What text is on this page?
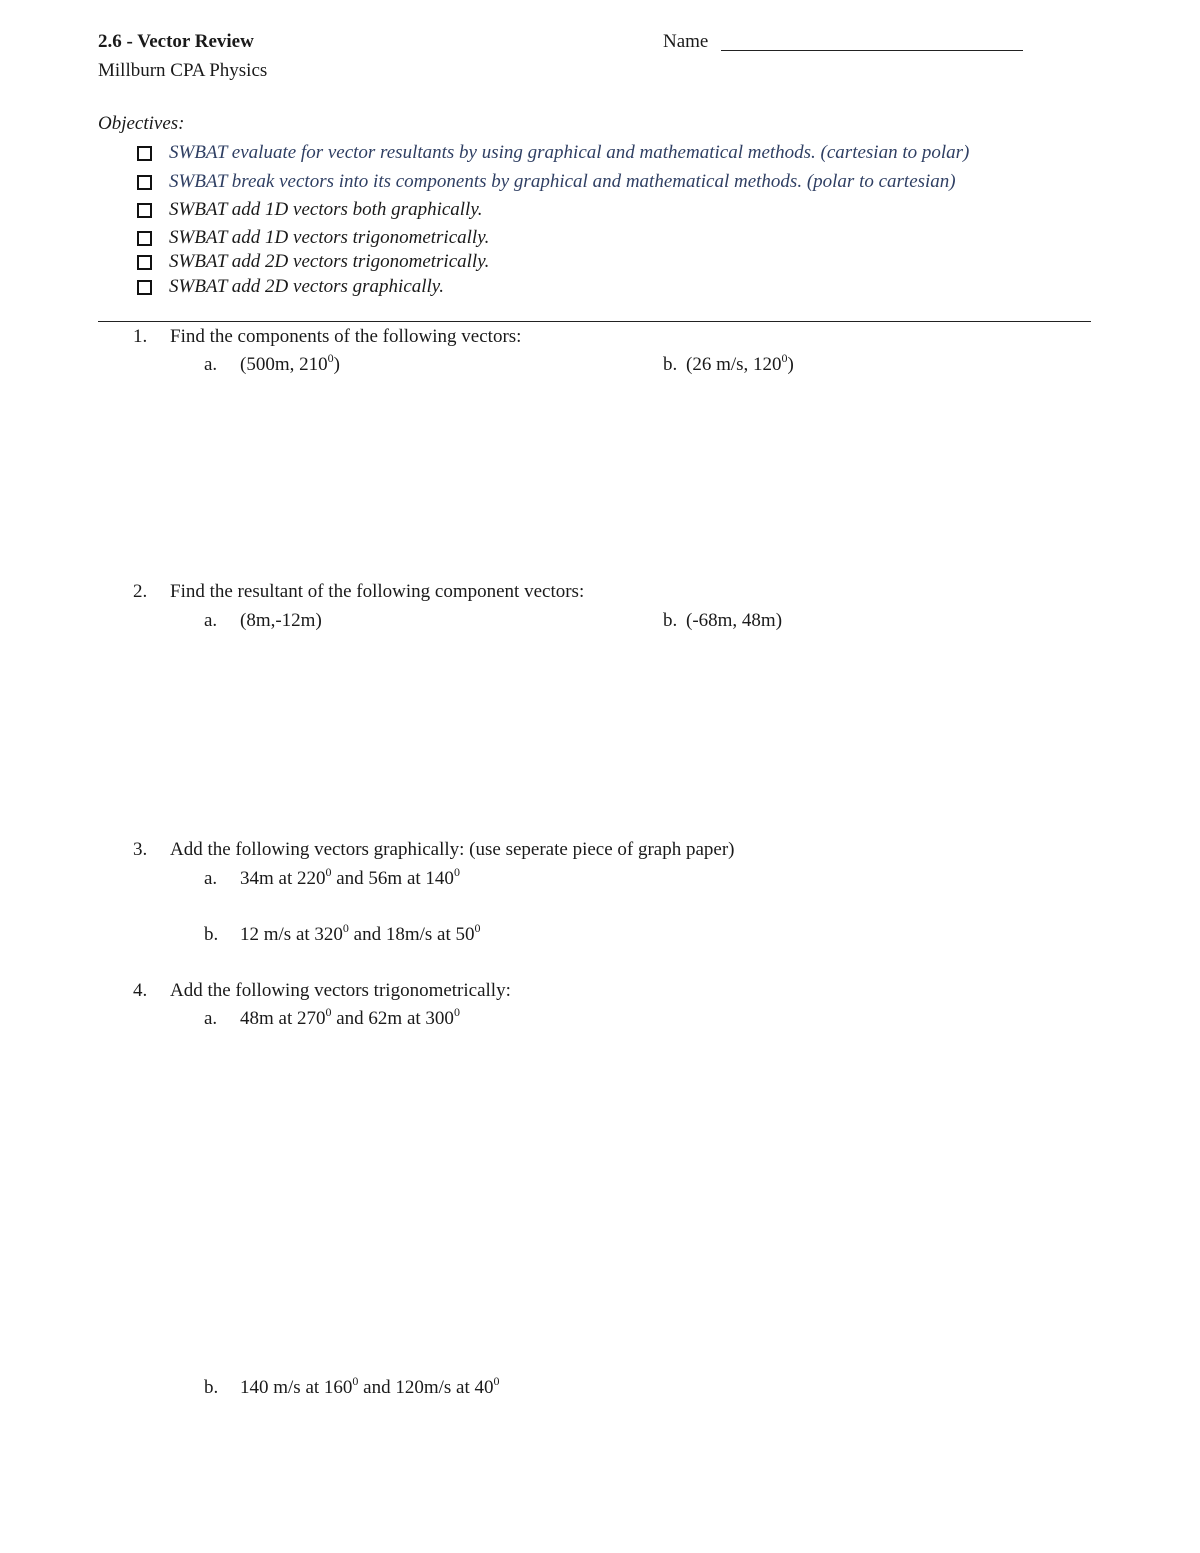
2.6 - Vector Review
Millburn CPA Physics
Name
Objectives:
SWBAT evaluate for vector resultants by using graphical and mathematical methods. (cartesian to polar)
SWBAT break vectors into its components by graphical and mathematical methods. (polar to cartesian)
SWBAT add 1D vectors both graphically.
SWBAT add 1D vectors trigonometrically.
SWBAT add 2D vectors trigonometrically.
SWBAT add 2D vectors graphically.
1. Find the components of the following vectors:
a. (500m, $210^0$)	b. (26 m/s, $120^0$)
2. Find the resultant of the following component vectors:
a. (8m,-12m)	b. (-68m, 48m)
3. Add the following vectors graphically: (use seperate piece of graph paper)
a. 34m at $220^0$ and 56m at $140^0$
b. 12 m/s at $320^0$ and 18m/s at $50^0$
4. Add the following vectors trigonometrically:
a. 48m at $270^0$ and 62m at $300^0$
b. 140 m/s at $160^0$ and 120m/s at $40^0$
